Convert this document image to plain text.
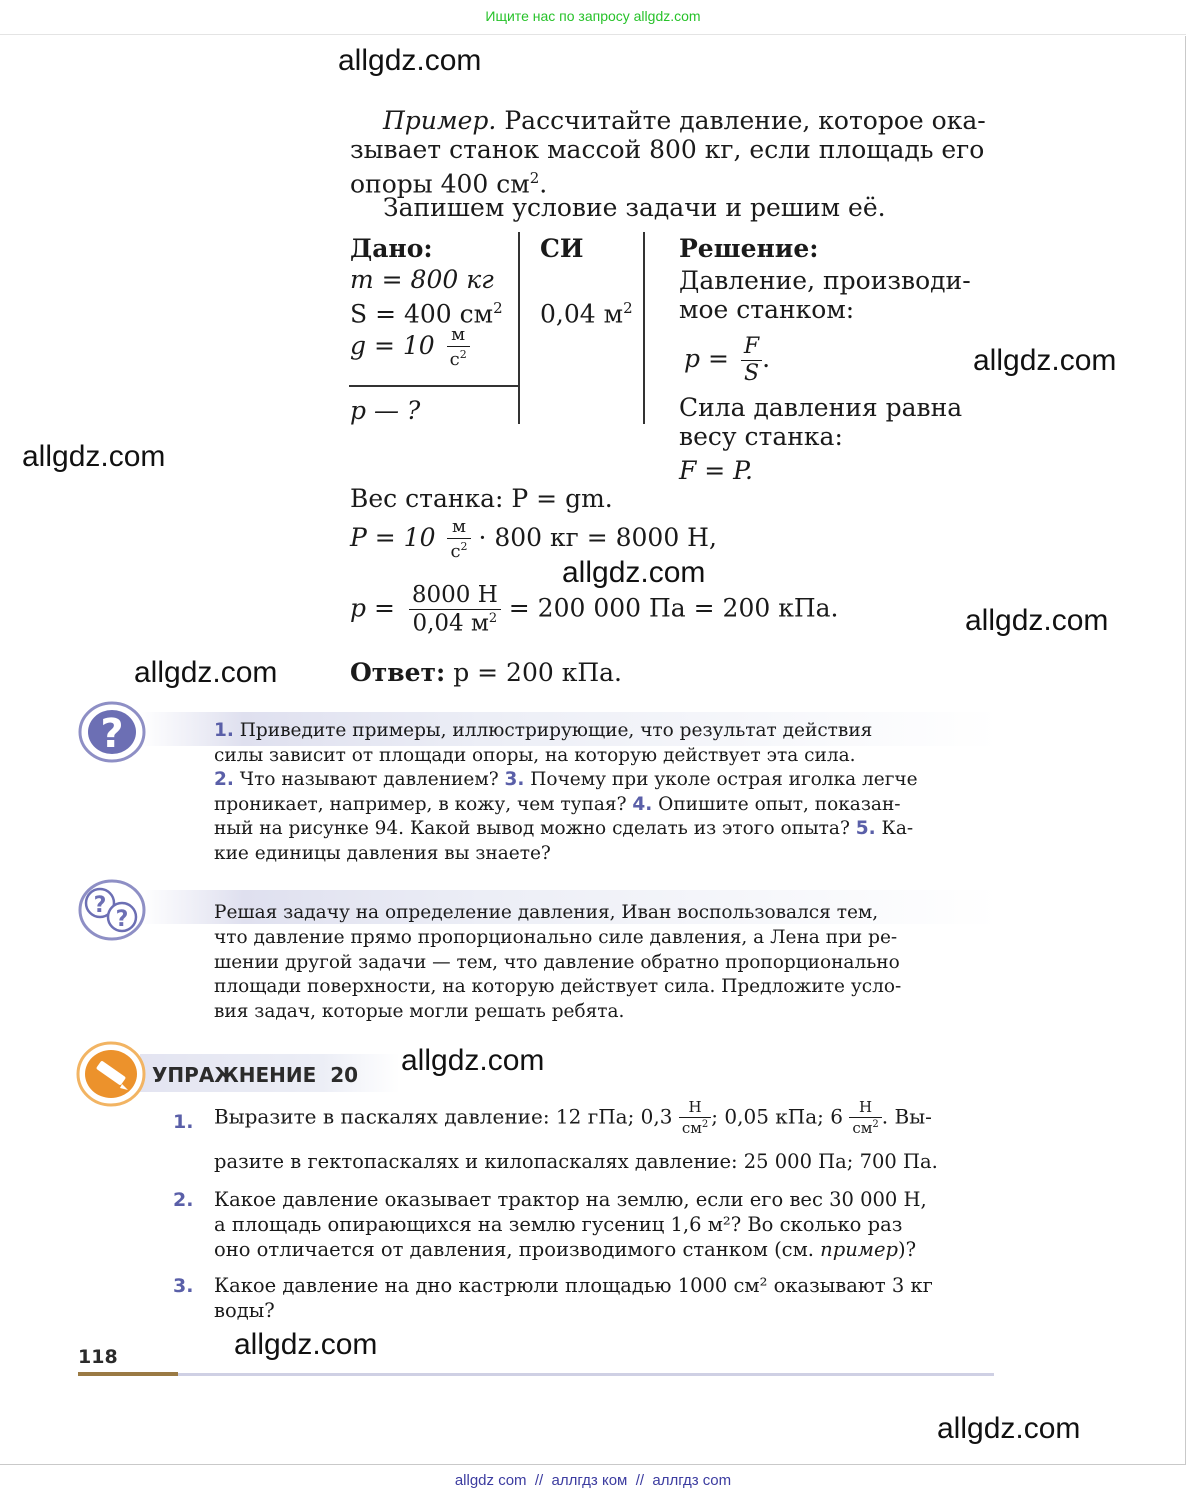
Ищите нас по запросу allgdz.com
allgdz.com
allgdz.com
allgdz.com
allgdz.com
allgdz.com
allgdz.com
allgdz.com
allgdz.com
allgdz.com
Пример. Рассчитайте давление, которое ока-
зывает станок массой 800 кг, если площадь его
опоры 400 $см^2$.
Запишем условие задачи и решим её.
Дано:
m = 800 кг
S = 400 $см^2$
$g = 10 \frac{м}{с^2}$
p — ?
СИ
0,04 $м^2$
Решение:
Давление, производи-
мое станком:
$p = \frac{F}{S}$ .
Сила давления равна
весу станка:
F = P.
Вес станка: P = gm.
$P = 10 \frac{м}{с^2} \cdot 800$ кг = 8000 Н,
$p = \frac{8000 Н}{0,04 м^2} = 200$ 000 Па = 200 кПа.
Ответ: p = 200 кПа.
?	1. Приведите примеры, иллюстрирующие, что результат действия
силы зависит от площади опоры, на которую действует эта сила.
2. Что называют давлением? 3. Почему при уколе острая иголка легче
проникает, например, в кожу, чем тупая? 4. Опишите опыт, показан-
ный на рисунке 94. Какой вывод можно сделать из этого опыта? 5. Ка-
кие единицы давления вы знаете?
?
?	Решая задачу на определение давления, Иван воспользовался тем,
что давление прямо пропорционально силе давления, а Лена при ре-
шении другой задачи — тем, что давление обратно пропорционально
площади поверхности, на которую действует сила. Предложите усло-
вия задач, которые могли решать ребята.
УПРАЖНЕНИЕ  20
1. Выразите в паскалях давление: 12 гПа; $0,3 \frac{Н}{см^2}$ ; 0,05 кПа; $6 \frac{Н}{см^2}$ . Вы-
разите в гектопаскалях и килопаскалях давление: 25 000 Па; 700 Па.
2. Какое давление оказывает трактор на землю, если его вес 30 000 Н,
а площадь опирающихся на землю гусениц 1,6 м²? Во сколько раз
оно отличается от давления, производимого станком (см. пример)?
3. Какое давление на дно кастрюли площадью 1000 см² оказывают 3 кг
воды?
118
allgdz com  //  аллгдз ком  //  аллгдз com
